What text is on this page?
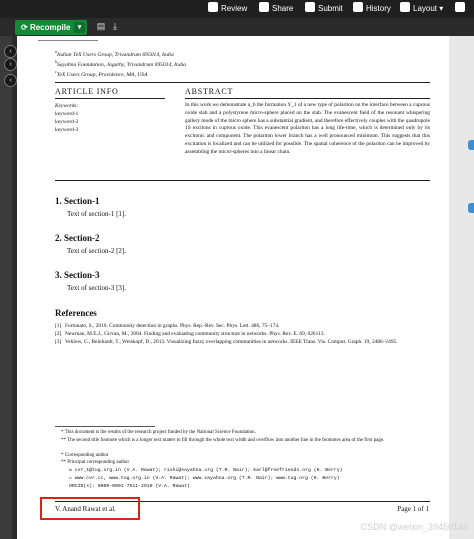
Review	Share	Submit	History	Layout ▾
⟳ Recompile	▾	▤ ⤓
‹
›
‹
$^a$Indian TeX Users Group, Trivandrum 695014, India
$^b$Sayahna Foundation, Jagathy, Trivandrum 695014, India
$^c$TeX Users Group, Providence, MA, USA
ARTICLE INFO	ABSTRACT
Keywords:
keyword-1
keyword-2
keyword-3
In this work we demonstrate a_b the formation Y_1 of a new type of polariton on the interface between a cuprous oxide slab and a polystyrene micro-sphere placed on the slab. The evanescent field of the resonant whispering gallery mode of the micro sphere has a substantial gradient, and therefore effectively couples with the quadrupole 1S excitons in cuprous oxide. This evanescent polariton has a long life-time, which is determined only by its excitonic and component. The polariton lower branch has a well pronounced minimum. This suggests that this excitation is localized and can be utilized for possible. The spatial coherence of the polariton can be improved by assembling the micro-spheres into a linear chain.
1. Section-1
Text of section-1 [1].
2. Section-2
Text of section-2 [2].
3. Section-3
Text of section-3 [3].
References
[1] Fortunato, S., 2010. Community detection in graphs. Phys. Rep.-Rev. Sec. Phys. Lett. 486, 75–174.
[2] Newman, M.E.J., Girvan, M., 2004. Finding and evaluating community structure in networks. Phys. Rev. E. 69, 026113.
[3] Vehlow, C., Reinhardt, T., Weiskopf, D., 2013. Visualizing fuzzy overlapping communities in networks. IEEE Trans. Vis. Comput. Graph. 19, 2486–2495.
* This document is the results of the research project funded by the National Science Foundation.
** The second title footnote which is a longer text matter to fill through the whole text width and overflow into another line in the footnotes area of the first page.
* Corresponding author
** Principal corresponding author
✉ cvr_1@tug.org.in (V.A. Rawat); rishi@sayahna.org (T.R. Nair); karl@freefriends.org (K. Berry)
⌂ www.cvr.cc, www.tug.org.in (V.A. Rawat); www.sayahna.org (T.R. Nair); www.tug.org (K. Berry)
ORCID(s): 0000-0001-7511-2910 (V.A. Rawat)
V. Anand Rawat et al.	Page 1 of 1
CSDN @weixin_39450145
